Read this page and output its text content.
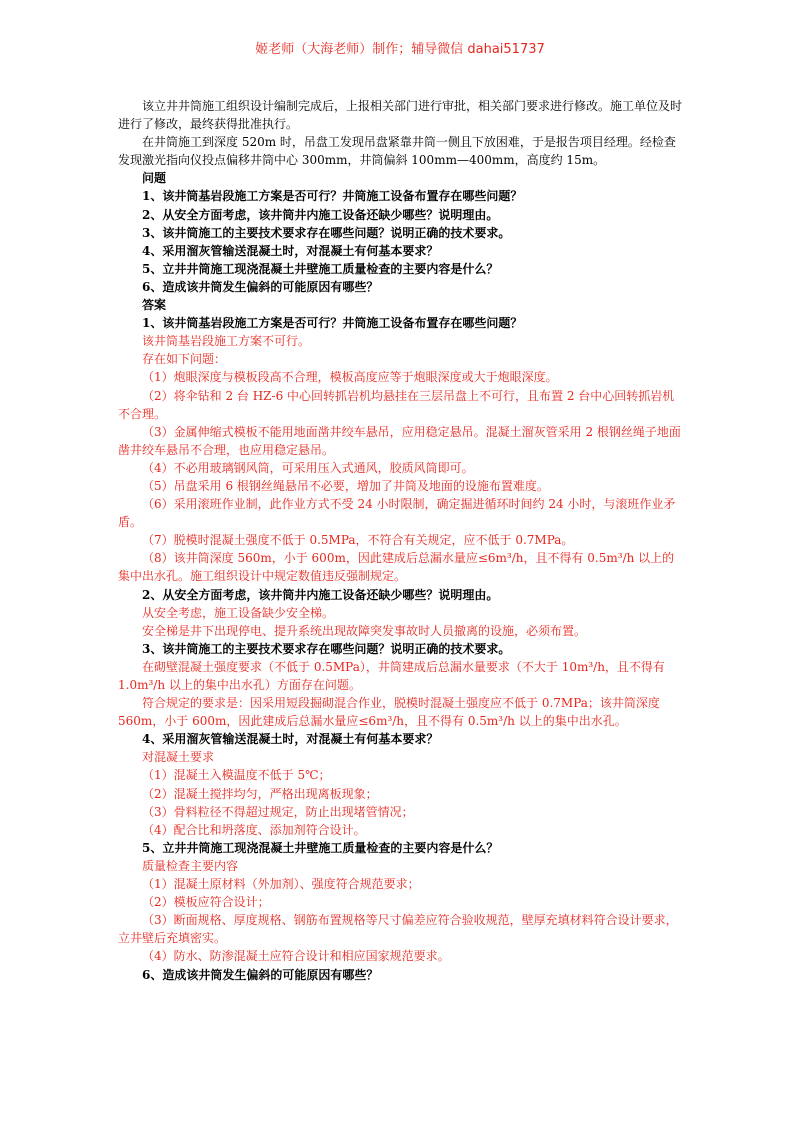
姬老师（大海老师）制作；辅导微信 dahai51737

该立井井筒施工组织设计编制完成后，上报相关部门进行审批，相关部门要求进行修改。施工单位及时进行了修改，最终获得批准执行。

在井筒施工到深度 520m 时，吊盘工发现吊盘紧靠井筒一侧且下放困难，于是报告项目经理。经检查发现激光指向仪投点偏移井筒中心 300mm，井筒偏斜 100mm—400mm，高度约 15m。

问题

1、该井筒基岩段施工方案是否可行？井筒施工设备布置存在哪些问题？

2、从安全方面考虑，该井筒井内施工设备还缺少哪些？说明理由。

3、该井筒施工的主要技术要求存在哪些问题？说明正确的技术要求。

4、采用溜灰管输送混凝土时，对混凝土有何基本要求？

5、立井井筒施工现浇混凝土井壁施工质量检查的主要内容是什么？

6、造成该井筒发生偏斜的可能原因有哪些？

答案

1、该井筒基岩段施工方案是否可行？井筒施工设备布置存在哪些问题？

该井筒基岩段施工方案不可行。

存在如下问题：

（1）炮眼深度与模板段高不合理，模板高度应等于炮眼深度或大于炮眼深度。

（2）将伞钻和 2 台 HZ-6 中心回转抓岩机均悬挂在三层吊盘上不可行，且布置 2 台中心回转抓岩机不合理。

（3）金属伸缩式模板不能用地面凿井绞车悬吊，应用稳定悬吊。混凝土溜灰管采用 2 根钢丝绳子地面凿井绞车悬吊不合理，也应用稳定悬吊。

（4）不必用玻璃钢风筒，可采用压入式通风，胶质风筒即可。

（5）吊盘采用 6 根钢丝绳悬吊不必要，增加了井筒及地面的设施布置难度。

（6）采用滚班作业制，此作业方式不受 24 小时限制，确定掘进循环时间约 24 小时，与滚班作业矛盾。

（7）脱模时混凝土强度不低于 0.5MPa，不符合有关规定，应不低于 0.7MPa。

（8）该井筒深度 560m，小于 600m，因此建成后总漏水量应≤6m³/h，且不得有 0.5m³/h 以上的集中出水孔。施工组织设计中规定数值违反强制规定。

2、从安全方面考虑，该井筒井内施工设备还缺少哪些？说明理由。

从安全考虑，施工设备缺少安全梯。

安全梯是井下出现停电、提升系统出现故障突发事故时人员撤离的设施，必须布置。

3、该井筒施工的主要技术要求存在哪些问题？说明正确的技术要求。

在砌壁混凝土强度要求（不低于 0.5MPa），井筒建成后总漏水量要求（不大于 10m³/h，且不得有 1.0m³/h 以上的集中出水孔）方面存在问题。

符合规定的要求是：因采用短段掘砌混合作业，脱模时混凝土强度应不低于 0.7MPa；该井筒深度 560m，小于 600m，因此建成后总漏水量应≤6m³/h，且不得有 0.5m³/h 以上的集中出水孔。

4、采用溜灰管输送混凝土时，对混凝土有何基本要求？

对混凝土要求

（1）混凝土入模温度不低于 5℃；

（2）混凝土搅拌均匀，严格出现离板现象；

（3）骨料粒径不得超过规定，防止出现堵管情况；

（4）配合比和坍落度、添加剂符合设计。

5、立井井筒施工现浇混凝土井壁施工质量检查的主要内容是什么？

质量检查主要内容

（1）混凝土原材料（外加剂）、强度符合规范要求；

（2）模板应符合设计；

（3）断面规格、厚度规格、钢筋布置规格等尺寸偏差应符合验收规范，壁厚充填材料符合设计要求，立井壁后充填密实。

（4）防水、防渗混凝土应符合设计和相应国家规范要求。

6、造成该井筒发生偏斜的可能原因有哪些？
